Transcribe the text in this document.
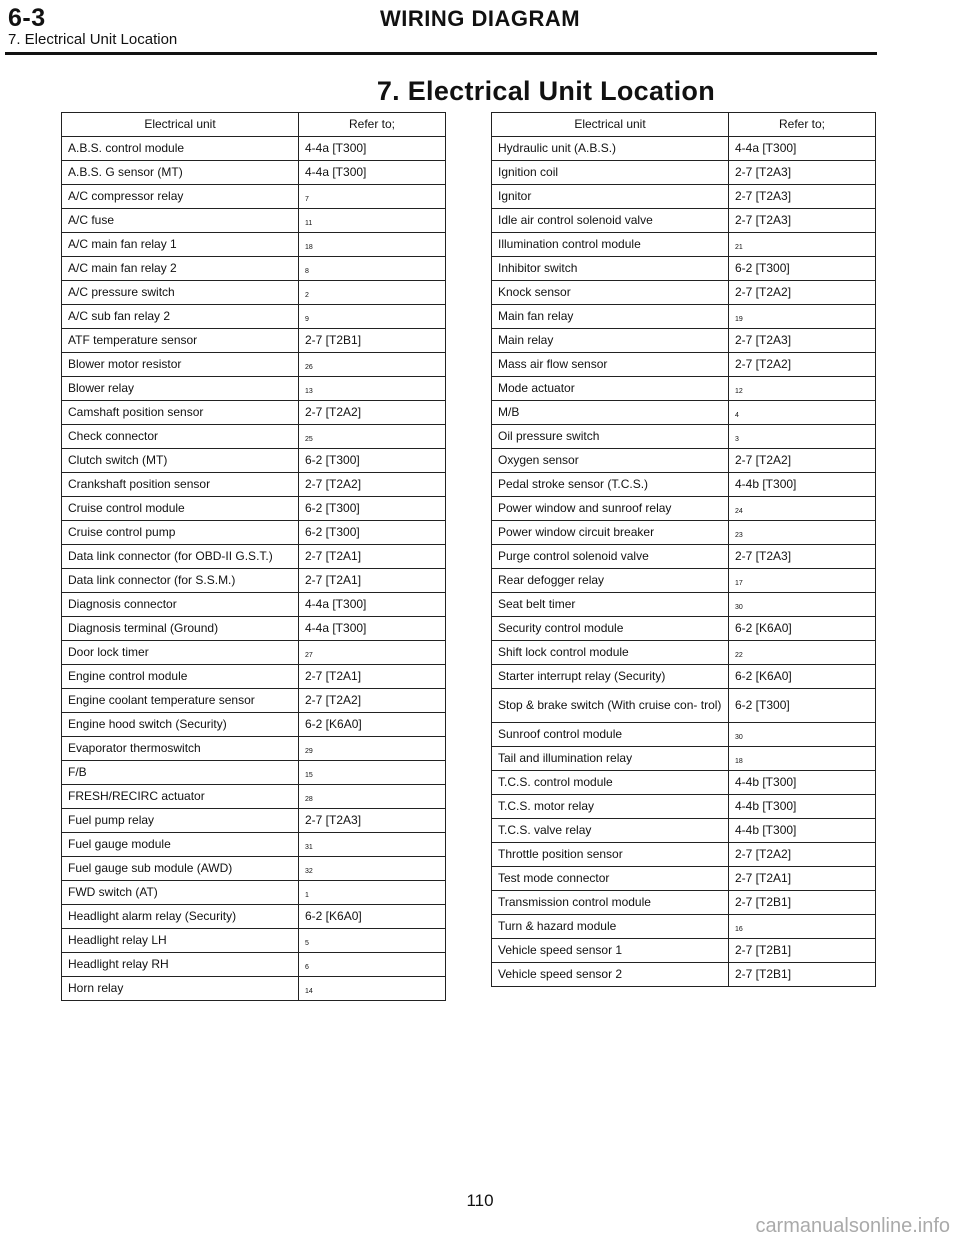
6-3	WIRING DIAGRAM
7. Electrical Unit Location
7. Electrical Unit Location
Electrical unit	Refer to;
A.B.S. control module	4-4a [T300]
A.B.S. G sensor (MT)	4-4a [T300]
A/C compressor relay	7
A/C fuse	11
A/C main fan relay 1	18
A/C main fan relay 2	8
A/C pressure switch	2
A/C sub fan relay 2	9
ATF temperature sensor	2-7 [T2B1]
Blower motor resistor	26
Blower relay	13
Camshaft position sensor	2-7 [T2A2]
Check connector	25
Clutch switch (MT)	6-2 [T300]
Crankshaft position sensor	2-7 [T2A2]
Cruise control module	6-2 [T300]
Cruise control pump	6-2 [T300]
Data link connector (for OBD-II G.S.T.)	2-7 [T2A1]
Data link connector (for S.S.M.)	2-7 [T2A1]
Diagnosis connector	4-4a [T300]
Diagnosis terminal (Ground)	4-4a [T300]
Door lock timer	27
Engine control module	2-7 [T2A1]
Engine coolant temperature sensor	2-7 [T2A2]
Engine hood switch (Security)	6-2 [K6A0]
Evaporator thermoswitch	29
F/B	15
FRESH/RECIRC actuator	28
Fuel pump relay	2-7 [T2A3]
Fuel gauge module	31
Fuel gauge sub module (AWD)	32
FWD switch (AT)	1
Headlight alarm relay (Security)	6-2 [K6A0]
Headlight relay LH	5
Headlight relay RH	6
Horn relay	14
Electrical unit	Refer to;
Hydraulic unit (A.B.S.)	4-4a [T300]
Ignition coil	2-7 [T2A3]
Ignitor	2-7 [T2A3]
Idle air control solenoid valve	2-7 [T2A3]
Illumination control module	21
Inhibitor switch	6-2 [T300]
Knock sensor	2-7 [T2A2]
Main fan relay	19
Main relay	2-7 [T2A3]
Mass air flow sensor	2-7 [T2A2]
Mode actuator	12
M/B	4
Oil pressure switch	3
Oxygen sensor	2-7 [T2A2]
Pedal stroke sensor (T.C.S.)	4-4b [T300]
Power window and sunroof relay	24
Power window circuit breaker	23
Purge control solenoid valve	2-7 [T2A3]
Rear defogger relay	17
Seat belt timer	30
Security control module	6-2 [K6A0]
Shift lock control module	22
Starter interrupt relay (Security)	6-2 [K6A0]
Stop & brake switch (With cruise con- trol)	6-2 [T300]
Sunroof control module	30
Tail and illumination relay	18
T.C.S. control module	4-4b [T300]
T.C.S. motor relay	4-4b [T300]
T.C.S. valve relay	4-4b [T300]
Throttle position sensor	2-7 [T2A2]
Test mode connector	2-7 [T2A1]
Transmission control module	2-7 [T2B1]
Turn & hazard module	16
Vehicle speed sensor 1	2-7 [T2B1]
Vehicle speed sensor 2	2-7 [T2B1]
110
carmanualsonline.info
